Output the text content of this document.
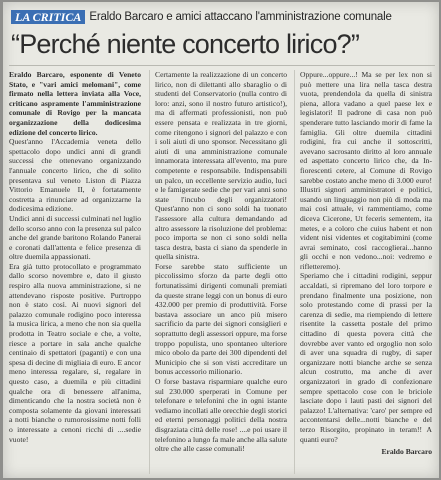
LA CRITICA Eraldo Barcaro e amici attaccano l'amministrazione comunale
“Perché niente concerto lirico?”

Eraldo Barcaro, esponente di Veneto Stato, e "vari amici melomani", come firmato nella lettera inviata alla Voce, criticano aspramente l'amministrazione comunale di Rovigo per la mancata organizzazione della dodicesima edizione del concerto lirico.

Quest'anno l'Accademia veneta dello spettacolo dopo undici anni di grandi successi che ottenevano organizzando l'annuale concerto lirico, che di solito presentava sul veneto Liston di Piazza Vittorio Emanuele II, è fortatamente costretta a rinunciare ad organizzarne la dodicesima edizione.

Undici anni di successi culminati nel luglio dello scorso anno con la presenza sul palco anche del grande baritono Rolando Panerai e coronati dall'attenta e felice presenza di oltre duemila appassionati.

Era già tutto protocollato e programmato dallo scorso novembre e, dato il giusto respiro alla nuova amministrazione, si ne attendevano risposte positive. Purtroppo non è stato così. Ai nuovi signori del palazzo comunale rodigino poco interessa la musica lirica, a meno che non sia quella prodotta in Teatro sociale e che, a volte, riesce a portare in sala anche qualche centinaio di spettatori (paganti) e con una spesa di decine di migliaia di euro. E ancor meno interessa regalare, sì, regalare in questo caso, a duemila e più cittadini qualche ora di benessere all'anima, dimenticando che la nostra società non è composta solamente da giovani interessati a notti bianche o rumorosissime notti folli o interessate a cenoni ricchi di ....sedie vuote!

Certamente la realizzazione di un concerto lirico, non di dilettanti allo sbaraglio o di studenti del Conservatorio (nulla contro di loro: anzi, sono il nostro futuro artistico!), ma di affermati professionisti, non può essere pensata e realizzata in tre giorni, come ritengono i signori del palazzo e con i soli aiuti di uno sponsor. Necessitano gli aiuti di una amministrazione comunale innamorata interessata all'evento, ma pure competente e responsabile. Indispensabili un palco, un eccellente servizio audio, luci e le famigerate sedie che per vari anni sono state l'incubo degli organizzatori! Quest'anno non ci sono soldi ha tuonato l'assessore alla cultura demandando ad altro assessore la risoluzione del problema: poco importa se non ci sono soldi nella tasca destra, basta ci siano da spenderle in quella sinistra.

Forse sarebbe stato sufficiente un piccolissimo sforzo da parte degli otto fortunatissimi dirigenti comunali premiati da queste strane leggi con un bonus di euro 432.000 per premio di produttività. Forse bastava associare un anco più misero sacrificio da parte dei signori consiglieri e soprattutto degli assessori oppure, ma forse troppo populista, uno spontaneo ulteriore mico obolo da parte dei 300 dipendenti del Municipio che si son visti accreditare un bonus accessorio milionario.

O forse bastava risparmiare qualche euro sul 230.000 sperperati in Comune per telefonare e telefonini che in ogni istante vediamo incollati alle orecchie degli storici ed eterni personaggi politici della nostra disgraziata città delle rose! ....e poi usare il telefonino a lungo fa male anche alla salute oltre che alle casse comunali!

Oppure...oppure...! Ma se per lex non si può mettere una lira nella tasca destra vuota, prendendola da quella di sinistra piena, allora vadano a quel paese lex e legislatori! Il padrone di casa non può spenderare tutto lasciando morir di fame la famiglia. Gli oltre duemila cittadini rodigini, fra cui anche il sottoscritti, avevano sacrosanto diritto al loro annuale ed aspettato concerto lirico che, da In-fiorescenti cetere, al Comune di Rovigo sarebbe costato anche meno di 3.000 euro! Illustri signori amministratori e politici, usando un linguaggio non più di moda ma mai così attuale, vi rammentiamo, come diceva Cicerone, Ut feceris sementem, ita metes, e a coloro che cuius habent et non vident nisi videntes et cogitabimini (come avrai seminato, così raccoglierai...hanno gli occhi e non vedono...noi: vedremo e rifletteremo).

Speriamo che i cittadini rodigini, seppur accaldati, si ripremano del loro torpore e prendano finalmente una posizione, non solo protestando come di prassi per la carenza di sedie, ma riempiendo di lettere risentite la cassetta postale del primo cittadino di questa povera città che dovrebbe aver vanto ed orgoglio non solo di aver una squadra di rugby, di saper organizzare notti bianche arche se senza alcun costrutto, ma anche di aver organizzatori in grado di confezionare sempre spettacolo cose con le briciole lasciate dopo i lauti pasti dei signori del palazzo! L'alternativa: 'caro' per sempre ed accontentarsi delle...notti bianche e del terzo Risorgito, propinato in teram!! A quanti euro?

Eraldo Barcaro
